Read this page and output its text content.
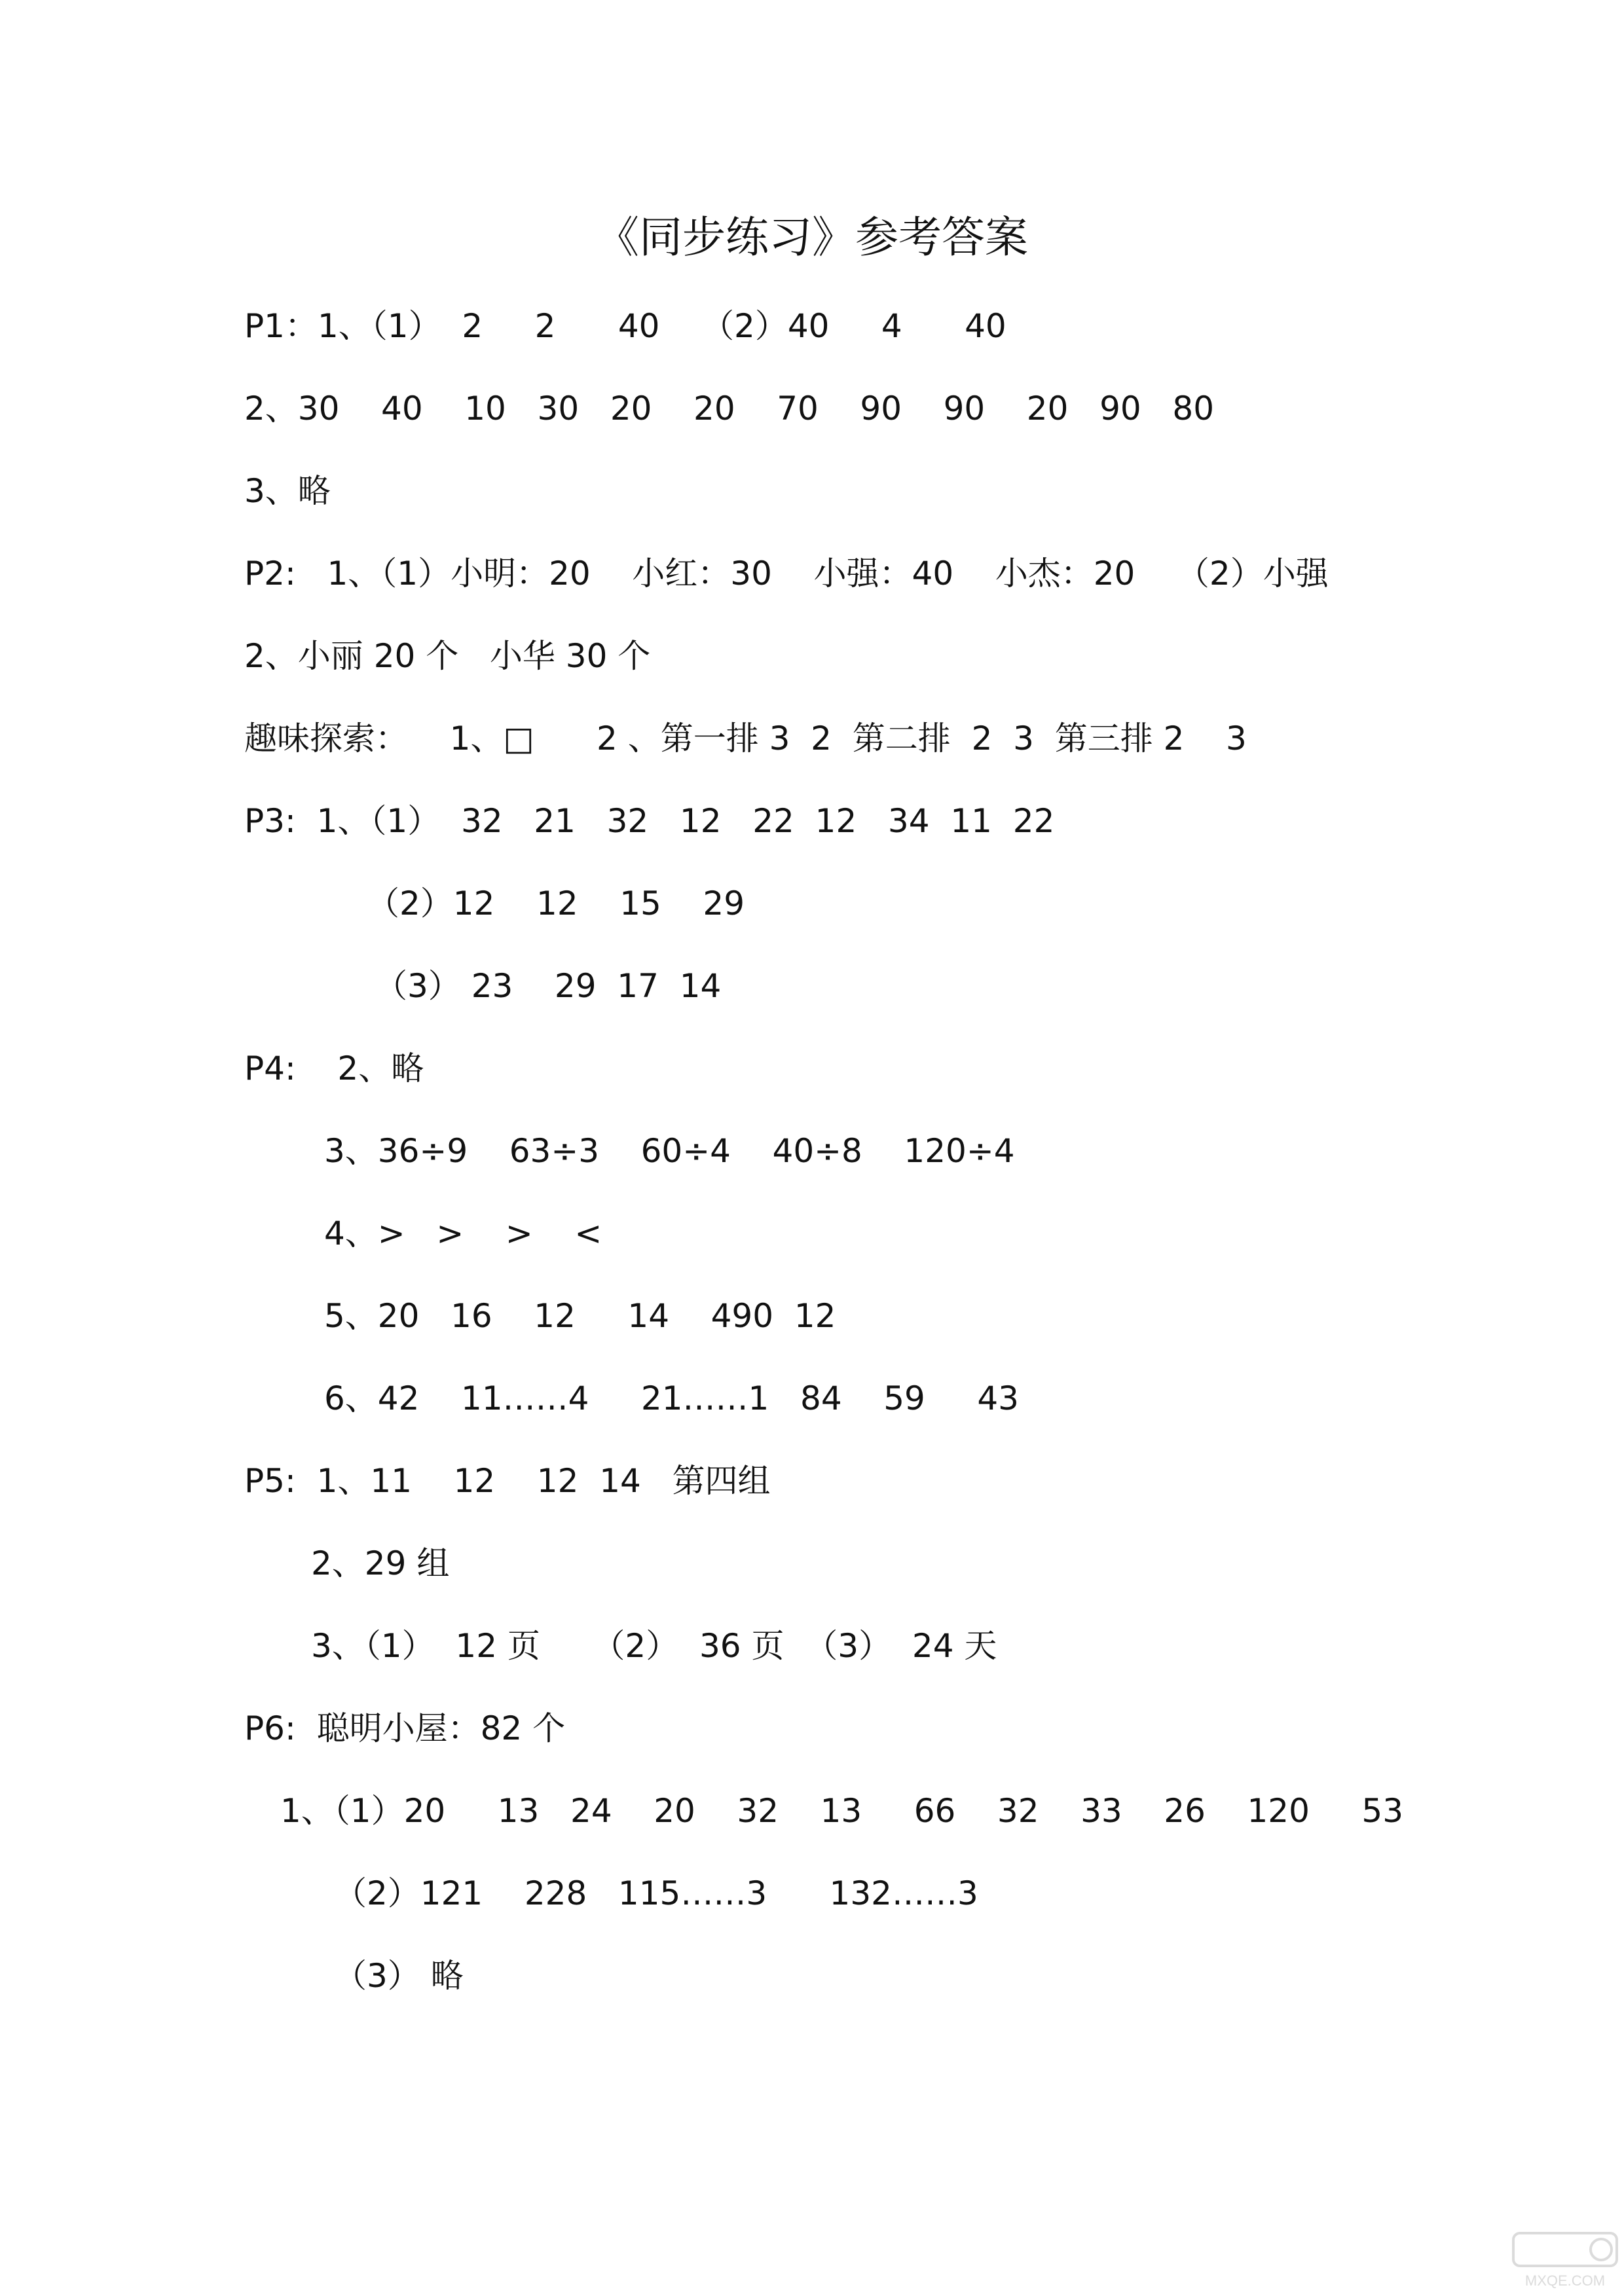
《同步练习》参考答案

P1：1、（1）  2     2      40    （2）40     4      40

2、30    40    10   30   20    20    70    90    90    20   90   80

3、略

P2:   1、（1）小明：20    小红：30    小强：40    小杰：20    （2）小强

2、小丽 20 个   小华 30 个

趣味探索：    1、□      2 、第一排 3  2  第二排  2  3  第三排 2    3

P3:  1、（1）  32   21   32   12   22  12   34  11  22

（2）12    12    15    29

（3） 23    29  17  14

P4:    2、略

3、36÷9    63÷3    60÷4    40÷8    120÷4

4、>   >    >    <

5、20   16    12     14    490  12

6、42    11……4     21……1   84    59     43

P5:  1、11    12    12  14   第四组

2、29 组

3、（1）  12 页     （2）  36 页  （3）  24 天

P6:  聪明小屋：82 个

1、（1）20     13   24    20    32    13     66    32    33    26    120     53

（2）121    228   115……3      132……3

（3） 略

MXQE.COM
